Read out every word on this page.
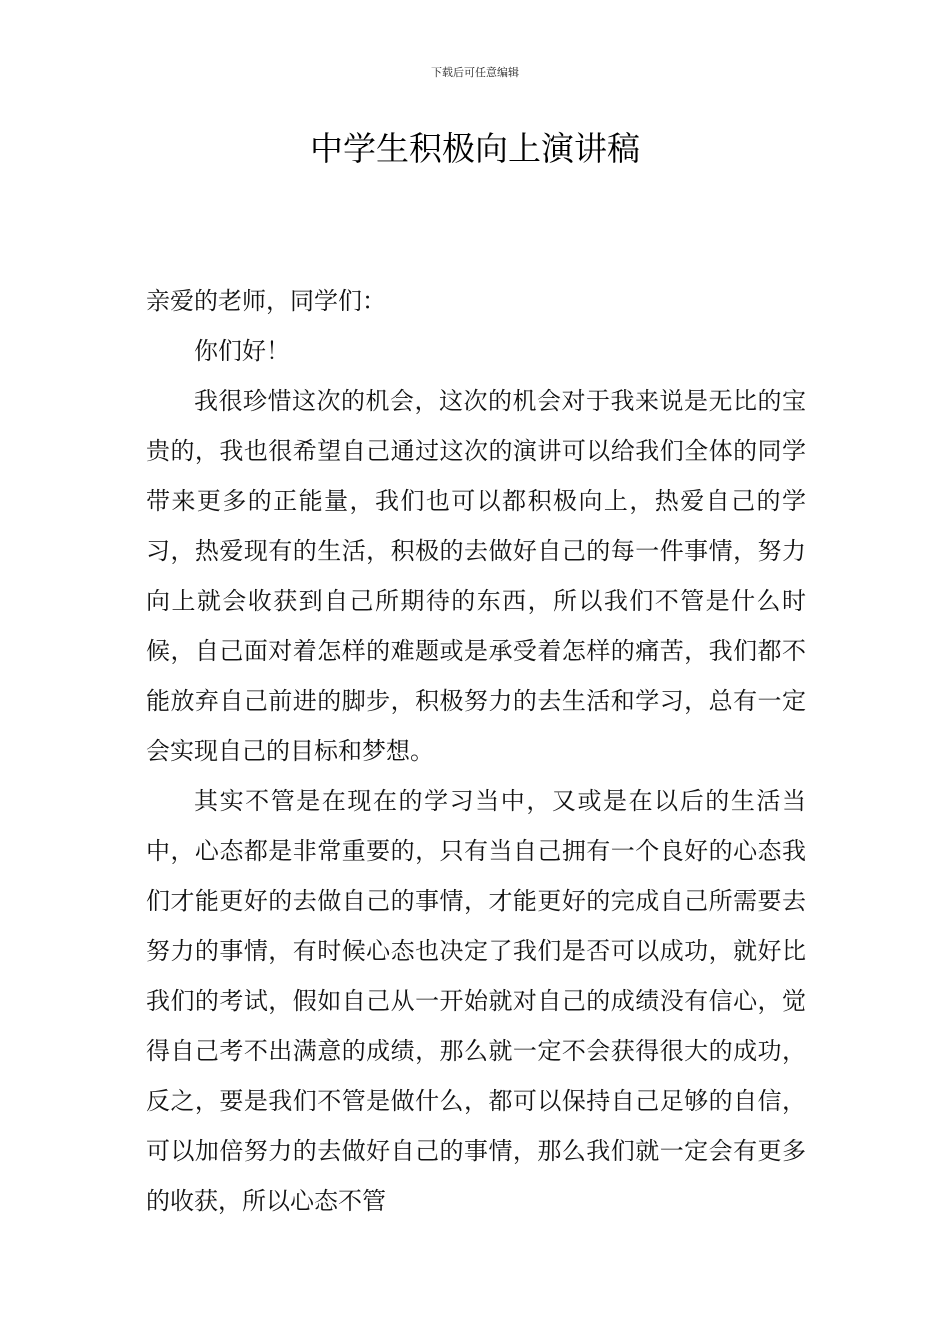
下载后可任意编辑
中学生积极向上演讲稿

亲爱的老师，同学们：

你们好！

我很珍惜这次的机会，这次的机会对于我来说是无比的宝贵的，我也很希望自己通过这次的演讲可以给我们全体的同学带来更多的正能量，我们也可以都积极向上，热爱自己的学习，热爱现有的生活，积极的去做好自己的每一件事情，努力向上就会收获到自己所期待的东西，所以我们不管是什么时候，自己面对着怎样的难题或是承受着怎样的痛苦，我们都不能放弃自己前进的脚步，积极努力的去生活和学习，总有一定会实现自己的目标和梦想。

其实不管是在现在的学习当中，又或是在以后的生活当中，心态都是非常重要的，只有当自己拥有一个良好的心态我们才能更好的去做自己的事情，才能更好的完成自己所需要去努力的事情，有时候心态也决定了我们是否可以成功，就好比我们的考试，假如自己从一开始就对自己的成绩没有信心，觉得自己考不出满意的成绩，那么就一定不会获得很大的成功，反之，要是我们不管是做什么，都可以保持自己足够的自信，可以加倍努力的去做好自己的事情，那么我们就一定会有更多的收获，所以心态不管
